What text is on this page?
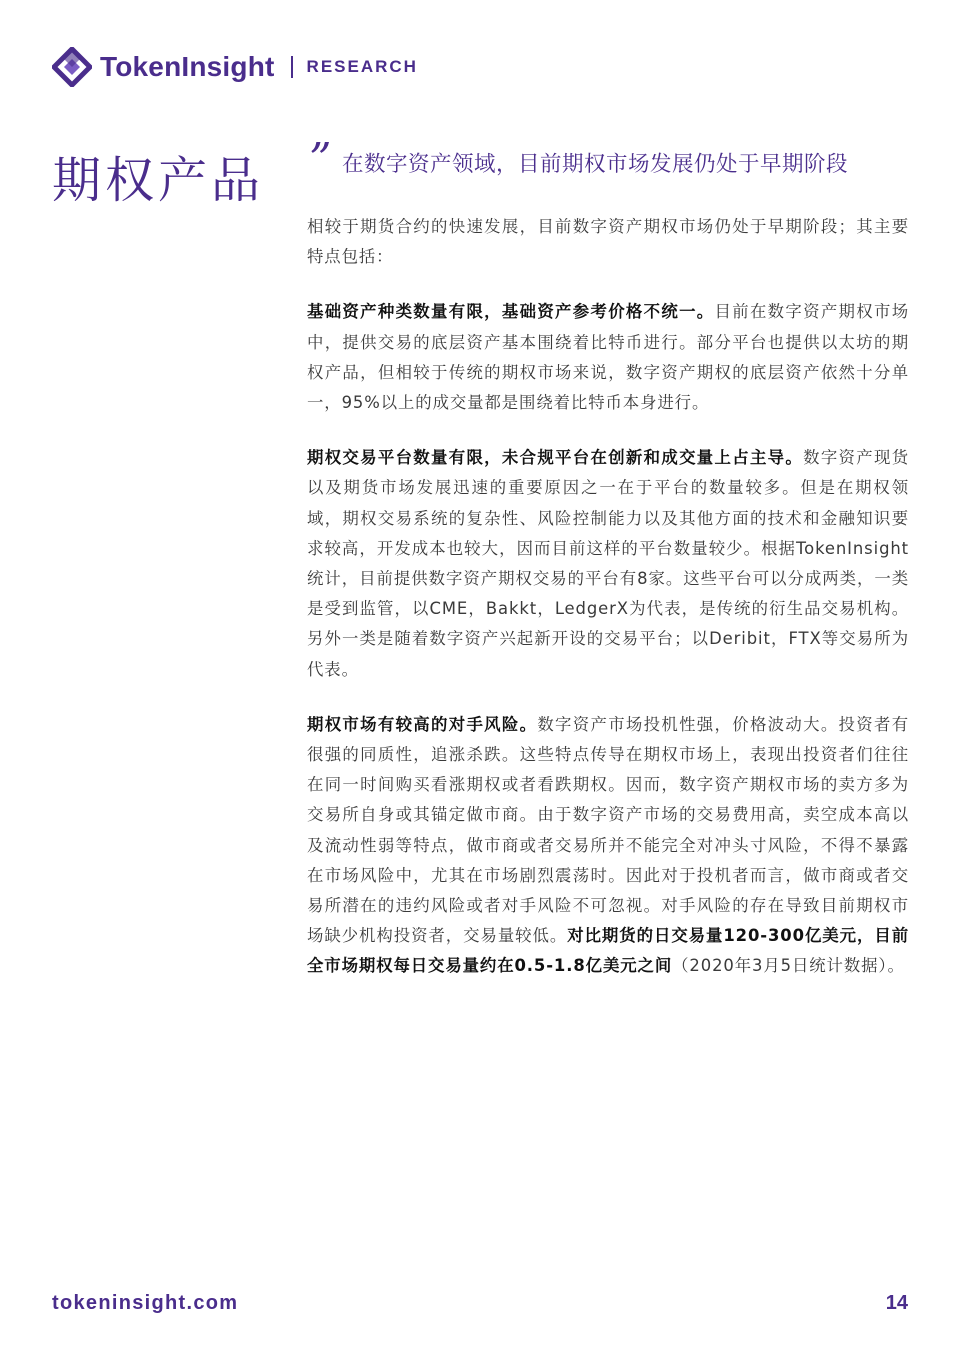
TokenInsight RESEARCH
期权产品 ” 在数字资产领域，目前期权市场发展仍处于早期阶段

相较于期货合约的快速发展，目前数字资产期权市场仍处于早期阶段；其主要特点包括：

基础资产种类数量有限，基础资产参考价格不统一。目前在数字资产期权市场中，提供交易的底层资产基本围绕着比特币进行。部分平台也提供以太坊的期权产品，但相较于传统的期权市场来说，数字资产期权的底层资产依然十分单一，95%以上的成交量都是围绕着比特币本身进行。

期权交易平台数量有限，未合规平台在创新和成交量上占主导。数字资产现货以及期货市场发展迅速的重要原因之一在于平台的数量较多。但是在期权领域，期权交易系统的复杂性、风险控制能力以及其他方面的技术和金融知识要求较高，开发成本也较大，因而目前这样的平台数量较少。根据TokenInsight统计，目前提供数字资产期权交易的平台有8家。这些平台可以分成两类，一类是受到监管，以CME，Bakkt，LedgerX为代表，是传统的衍生品交易机构。另外一类是随着数字资产兴起新开设的交易平台；以Deribit，FTX等交易所为代表。

期权市场有较高的对手风险。数字资产市场投机性强，价格波动大。投资者有很强的同质性，追涨杀跌。这些特点传导在期权市场上，表现出投资者们往往在同一时间购买看涨期权或者看跌期权。因而，数字资产期权市场的卖方多为交易所自身或其锚定做市商。由于数字资产市场的交易费用高，卖空成本高以及流动性弱等特点，做市商或者交易所并不能完全对冲头寸风险，不得不暴露在市场风险中，尤其在市场剧烈震荡时。因此对于投机者而言，做市商或者交易所潜在的违约风险或者对手风险不可忽视。对手风险的存在导致目前期权市场缺少机构投资者，交易量较低。对比期货的日交易量120-300亿美元，目前全市场期权每日交易量约在0.5-1.8亿美元之间（2020年3月5日统计数据）。

tokeninsight.com	14
